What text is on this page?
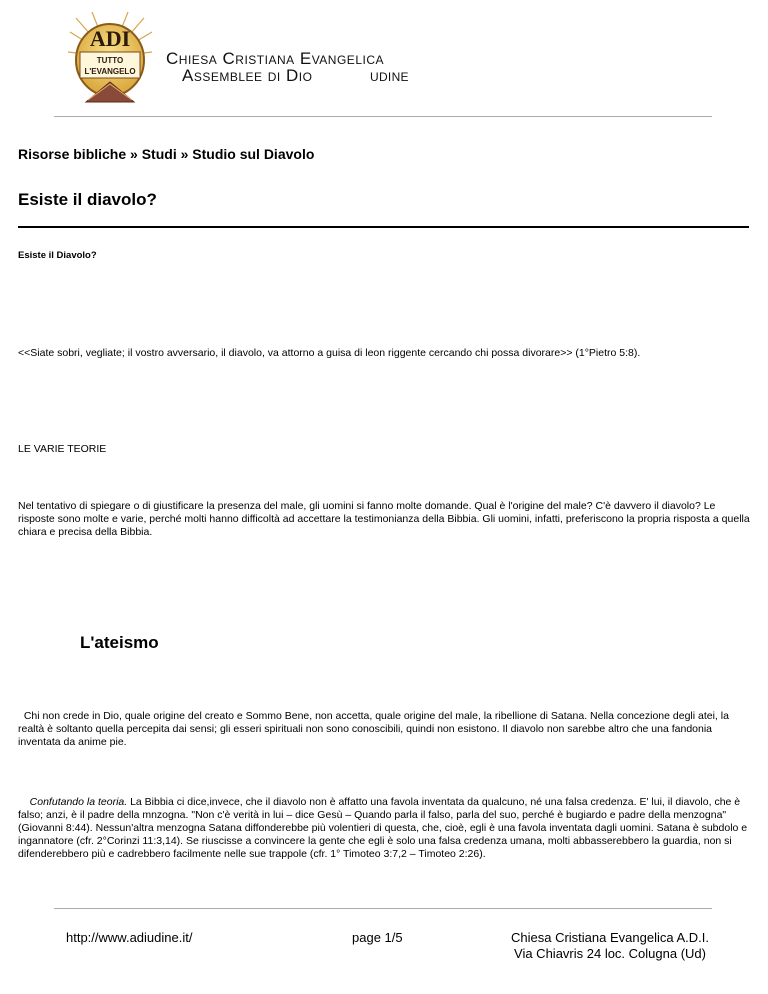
ADI
TUTTO
L'EVANGELO
Chiesa Cristiana Evangelica
Assemblee di Dio	UDINE
Risorse bibliche » Studi » Studio sul Diavolo
Esiste il diavolo?
Esiste il Diavolo?
<<Siate sobri, vegliate; il vostro avversario, il diavolo, va attorno a guisa di leon riggente cercando chi possa divorare>> (1°Pietro 5:8).
LE VARIE TEORIE
Nel tentativo di spiegare o di giustificare la presenza del male, gli uomini si fanno molte domande. Qual è l'origine del male? C'è davvero il diavolo? Le risposte sono molte e varie, perché molti hanno difficoltà ad accettare la testimonianza della Bibbia. Gli uomini, infatti, preferiscono la propria risposta a quella chiara e precisa della Bibbia.
L'ateismo
Chi non crede in Dio, quale origine del creato e Sommo Bene, non accetta, quale origine del male, la ribellione di Satana. Nella concezione degli atei, la realtà è soltanto quella percepita dai sensi; gli esseri spirituali non sono conoscibili, quindi non esistono. Il diavolo non sarebbe altro che una fandonia inventata da anime pie.
Confutando la teoria. La Bibbia ci dice,invece, che il diavolo non è affatto una favola inventata da qualcuno, né una falsa credenza. E' lui, il diavolo, che è falso; anzi, è il padre della mnzogna. "Non c'è verità in lui – dice Gesù – Quando parla il falso, parla del suo, perché è bugiardo e padre della menzogna" (Giovanni 8:44). Nessun'altra menzogna Satana diffonderebbe più volentieri di questa, che, cioè, egli è una favola inventata dagli uomini. Satana è subdolo e ingannatore (cfr. 2°Corinzi 11:3,14). Se riuscisse a convincere la gente che egli è solo una falsa credenza umana, molti abbasserebbero la guardia, non si difenderebbero più e cadrebbero facilmente nelle sue trappole (cfr. 1° Timoteo 3:7,2 – Timoteo 2:26).
http://www.adiudine.it/	page 1/5	Chiesa Cristiana Evangelica A.D.I.
Via Chiavris 24 loc. Colugna (Ud)
